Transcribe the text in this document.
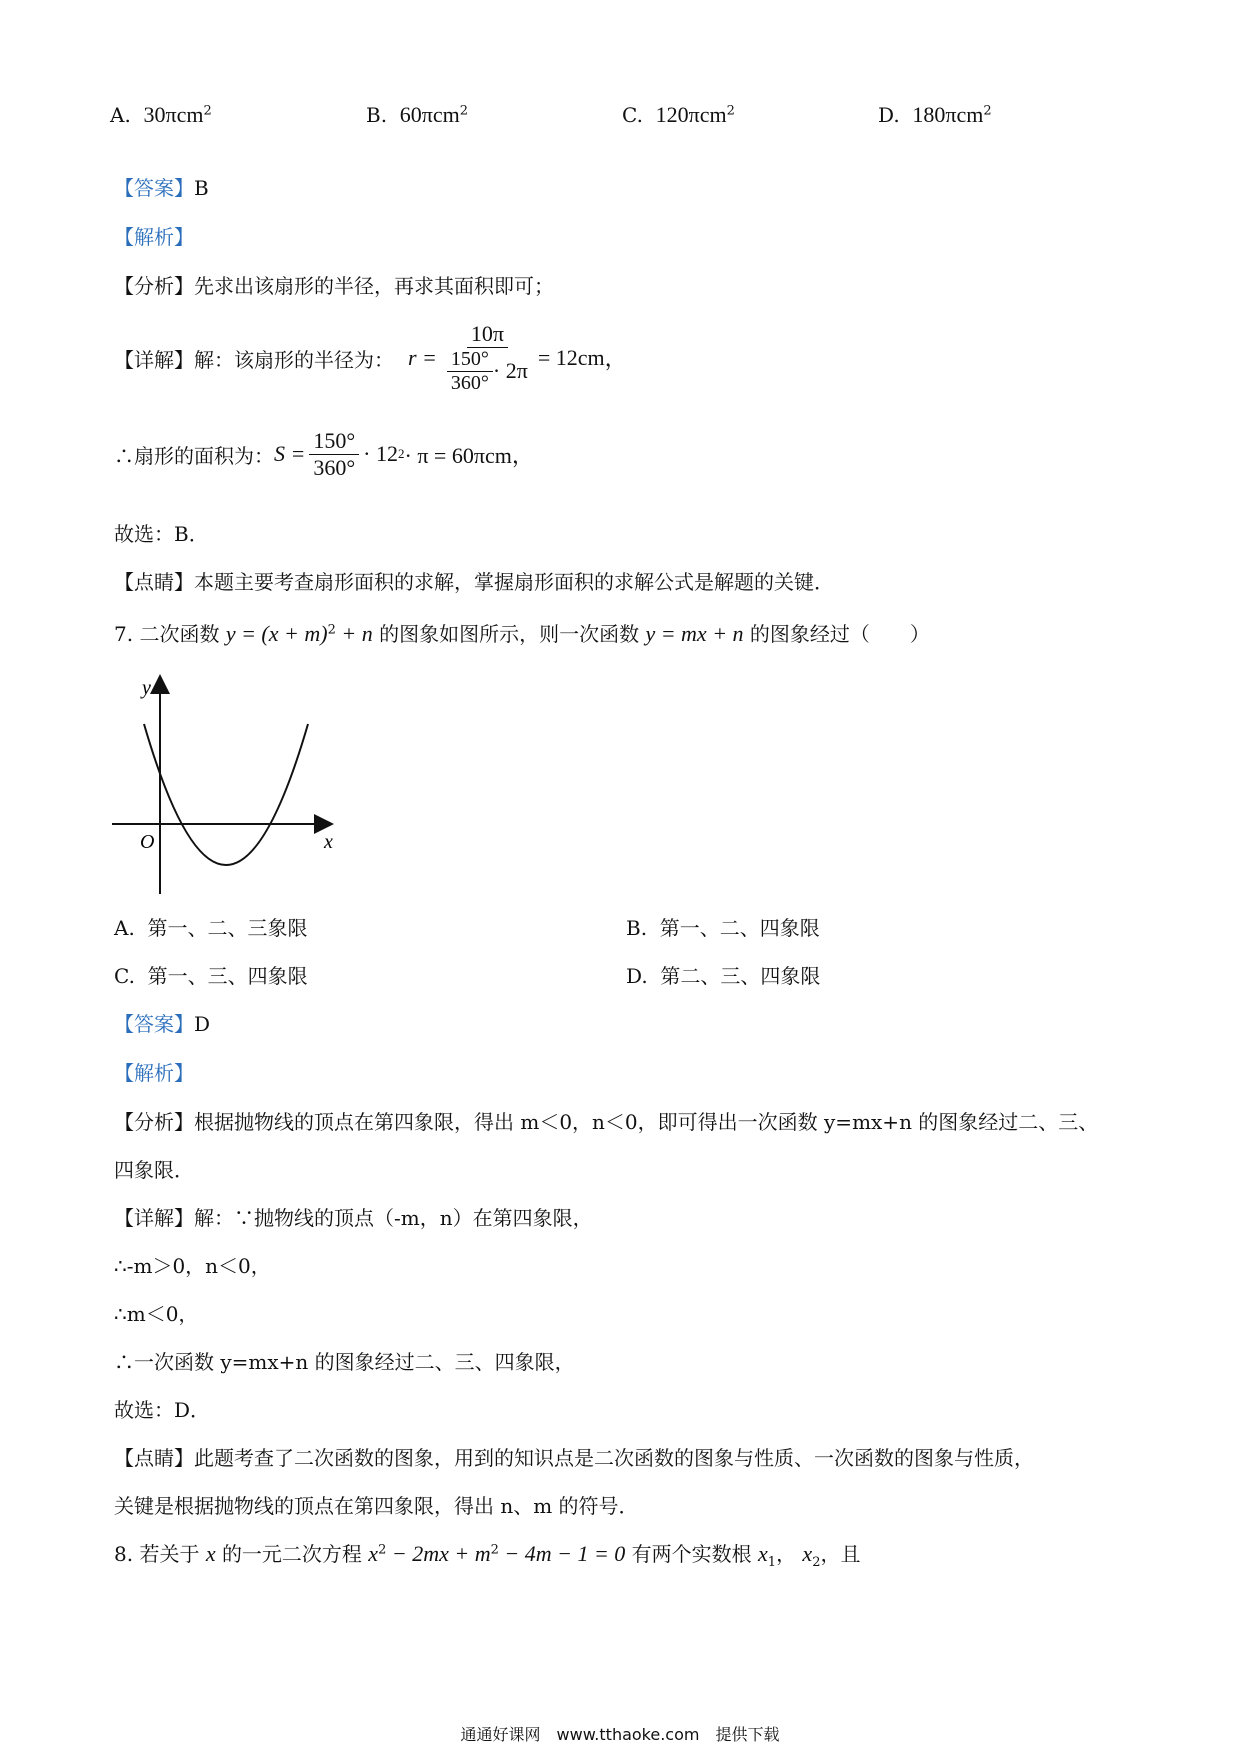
A. 30πcm$^2$	B. 60πcm$^2$	C. 120πcm$^2$	D. 180πcm$^2$
【答案】B
【解析】
【分析】先求出该扇形的半径，再求其面积即可；
【详解】 解：该扇形的半径为： $r = \frac{10\pi}{\frac{150^\circ}{360^\circ} \cdot 2\pi} = 12cm$ ，
∴扇形的面积为： $S = \frac{150^\circ}{360^\circ} \cdot 12$ 2 · π = 60πcm，
故选：B．
【点睛】本题主要考查扇形面积的求解，掌握扇形面积的求解公式是解题的关键．
7. 二次函数 $y = (x + m)^2 + n$ 的图象如图所示，则一次函数 y = mx + n 的图象经过（　　）
y
x
O
A. 第一、二、三象限	B. 第一、二、四象限
C. 第一、三、四象限	D. 第二、三、四象限
【答案】D
【解析】
【分析】根据抛物线的顶点在第四象限，得出 m＜0，n＜0，即可得出一次函数 y=mx+n 的图象经过二、三、
四象限．
【详解】解：∵抛物线的顶点（-m，n）在第四象限，
∴-m＞0，n＜0，
∴m＜0，
∴一次函数 y=mx+n 的图象经过二、三、四象限，
故选：D．
【点睛】此题考查了二次函数的图象，用到的知识点是二次函数的图象与性质、一次函数的图象与性质，
关键是根据抛物线的顶点在第四象限，得出 n、m 的符号．
8. 若关于 x 的一元二次方程 $x^2 - 2mx + m^2 - 4m - 1 = 0$ 有两个实数根 $x_1$， $x_2$，且
通通好课网　www.tthaoke.com　提供下载
